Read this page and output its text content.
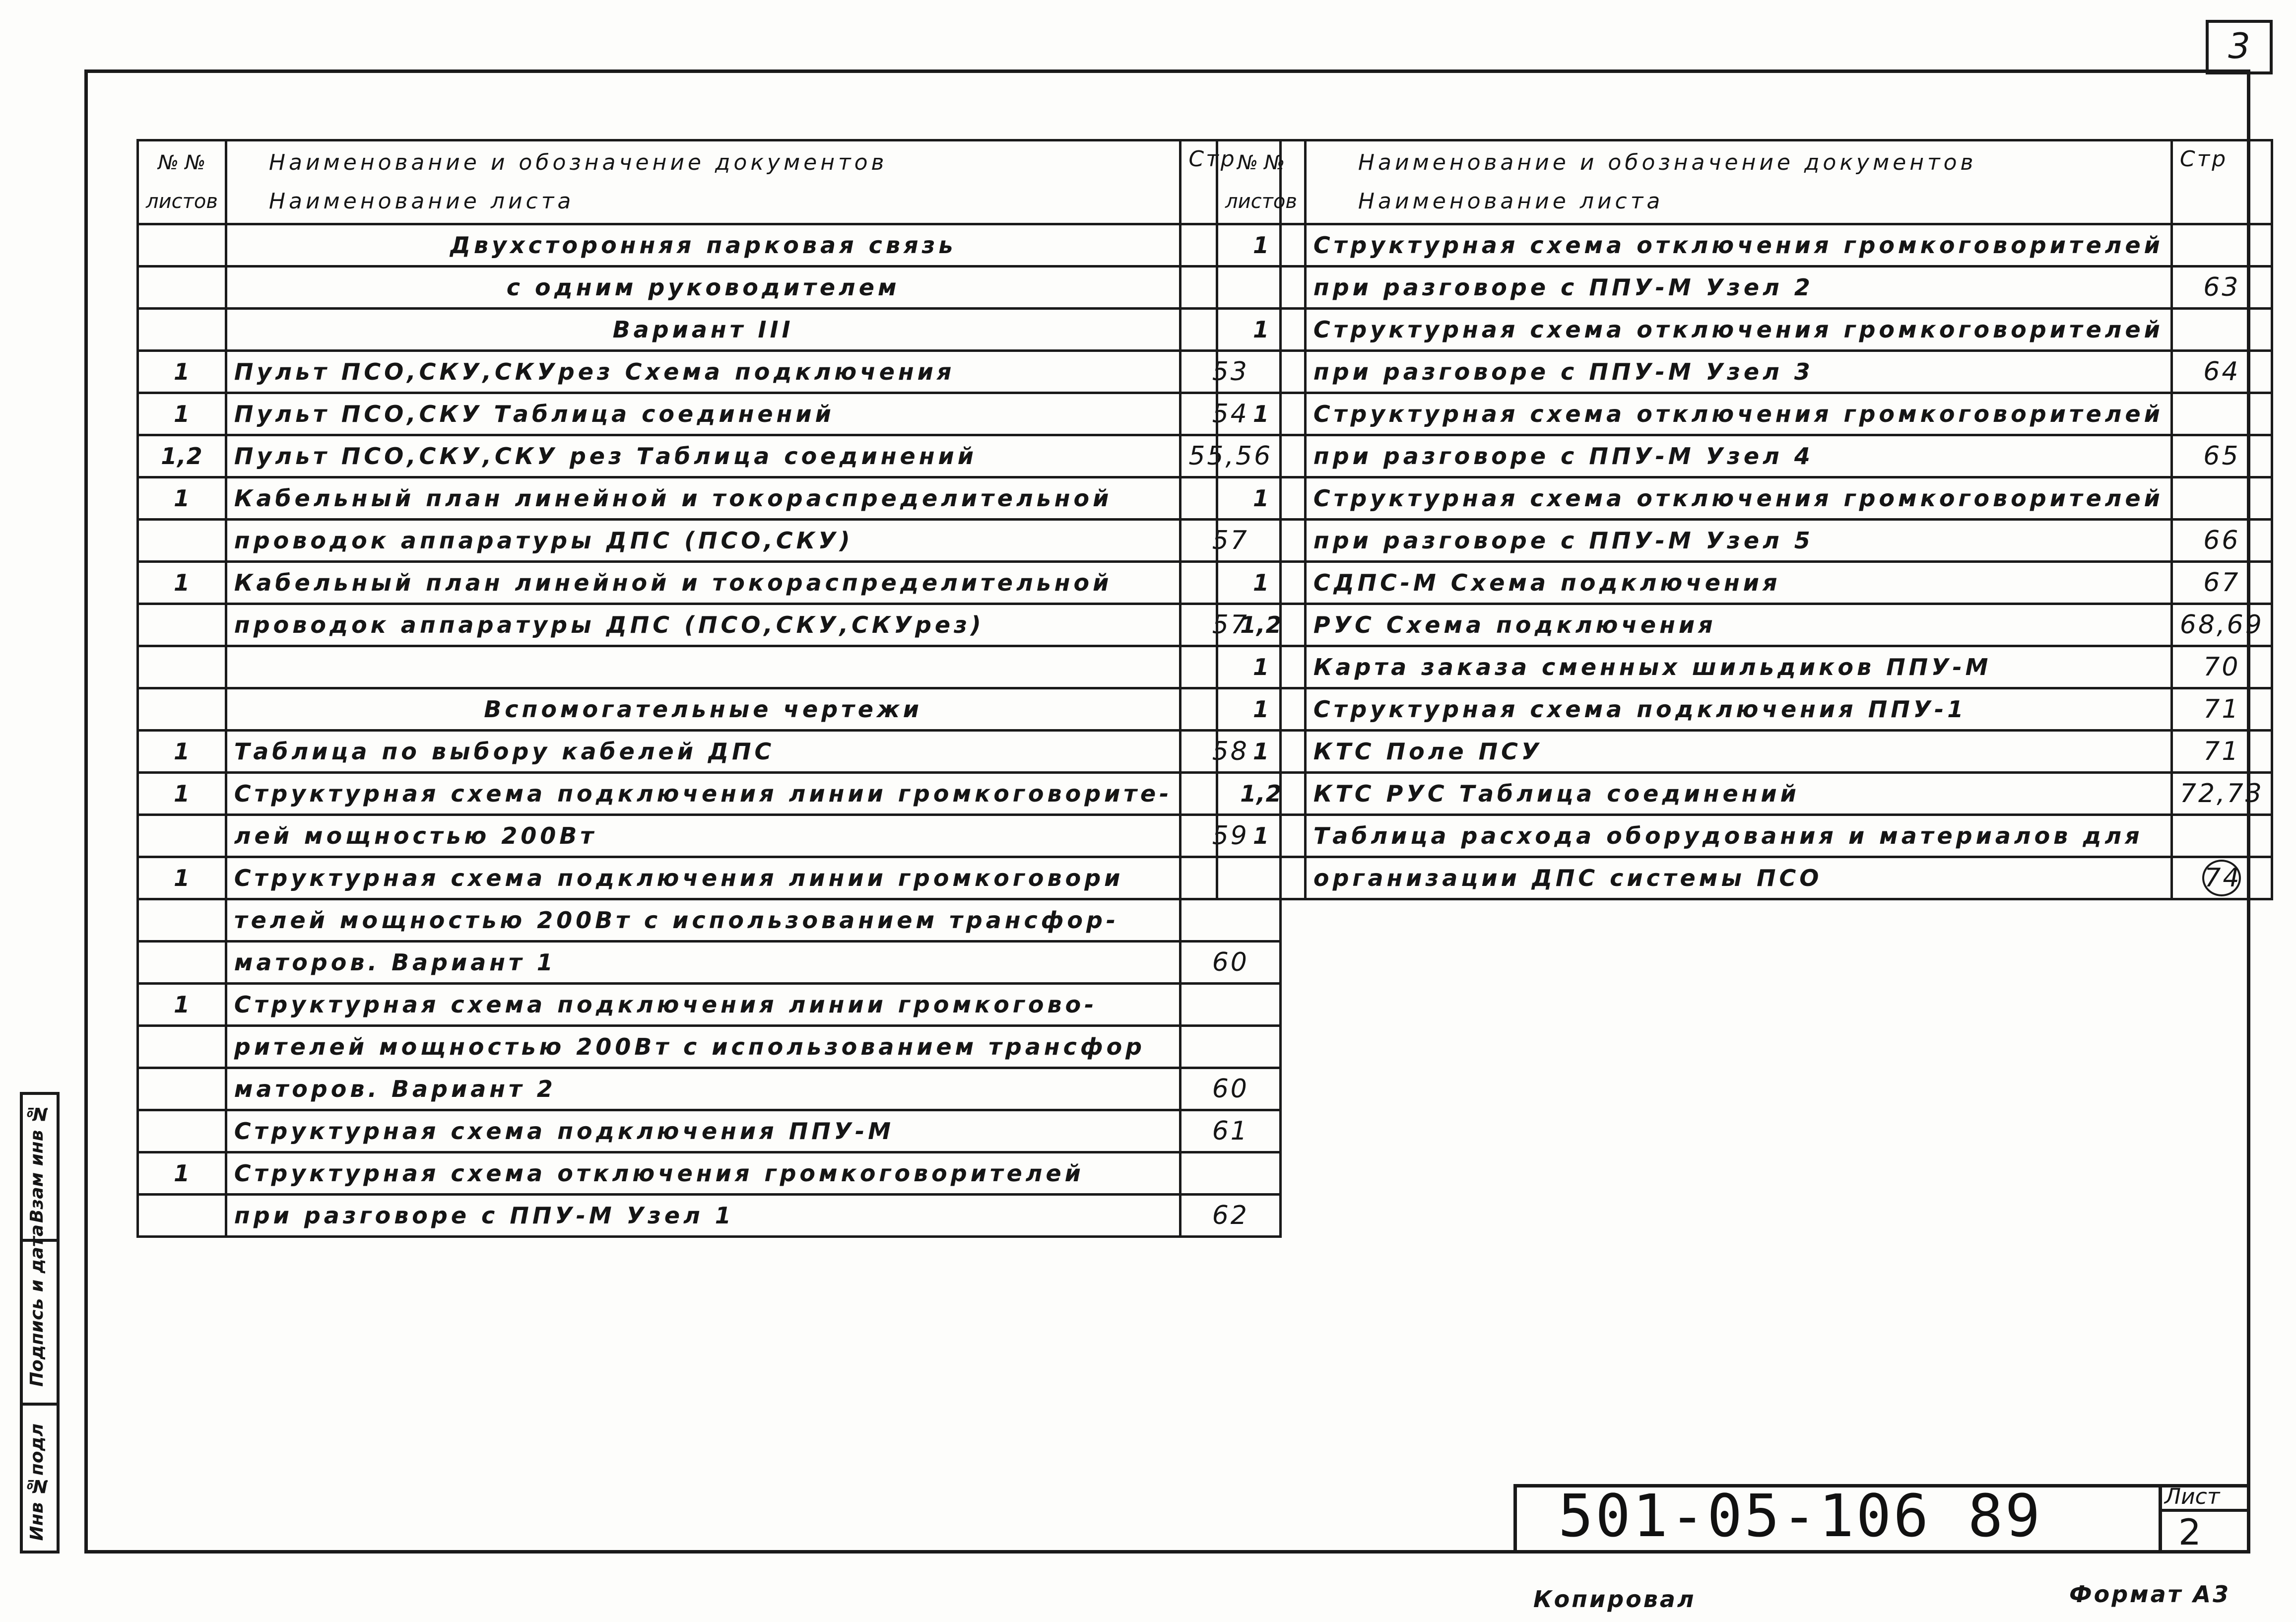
3
№ №
листов	Наименование и обозначение документов
Наименование листа	Стр
	Двухсторонняя парковая связь	
	с одним руководителем	
	Вариант III	
1	Пульт ПСО,СКУ,СКУрез Схема подключения	53
1	Пульт ПСО,СКУ Таблица соединений	54
1,2	Пульт ПСО,СКУ,СКУ рез Таблица соединений	55,56
1	Кабельный план линейной и токораспределительной	
	проводок аппаратуры ДПС (ПСО,СКУ)	57
1	Кабельный план линейной и токораспределительной	
	проводок аппаратуры ДПС (ПСО,СКУ,СКУрез)	57

	Вспомогательные чертежи	
1	Таблица по выбору кабелей ДПС	58
1	Структурная схема подключения линии громкоговорите-	
	лей мощностью 200Вт	59
1	Структурная схема подключения линии громкоговори	
	телей мощностью 200Вт с использованием трансфор-	
	маторов. Вариант 1	60
1	Структурная схема подключения линии громкогово-	
	рителей мощностью 200Вт с использованием трансфор	
	маторов. Вариант 2	60
	Структурная схема подключения ППУ-М	61
1	Структурная схема отключения громкоговорителей	
	при разговоре с ППУ-М Узел 1	62
№ №
листов	Наименование и обозначение документов
Наименование листа	Стр
1	Структурная схема отключения громкоговорителей	
	при разговоре с ППУ-М Узел 2	63
1	Структурная схема отключения громкоговорителей	
	при разговоре с ППУ-М Узел 3	64
1	Структурная схема отключения громкоговорителей	
	при разговоре с ППУ-М Узел 4	65
1	Структурная схема отключения громкоговорителей	
	при разговоре с ППУ-М Узел 5	66
1	СДПС-М Схема подключения	67
1,2	РУС Схема подключения	68,69
1	Карта заказа сменных шильдиков ППУ-М	70
1	Структурная схема подключения ППУ-1	71
1	КТС Поле ПСУ	71
1,2	КТС РУС Таблица соединений	72,73
1	Таблица расхода оборудования и материалов для	
	организации ДПС системы ПСО	74
Инв №подл
Подпись и дата
Взам инв №
501-05-106 89	Лист
2
Копировал	Формат А3
